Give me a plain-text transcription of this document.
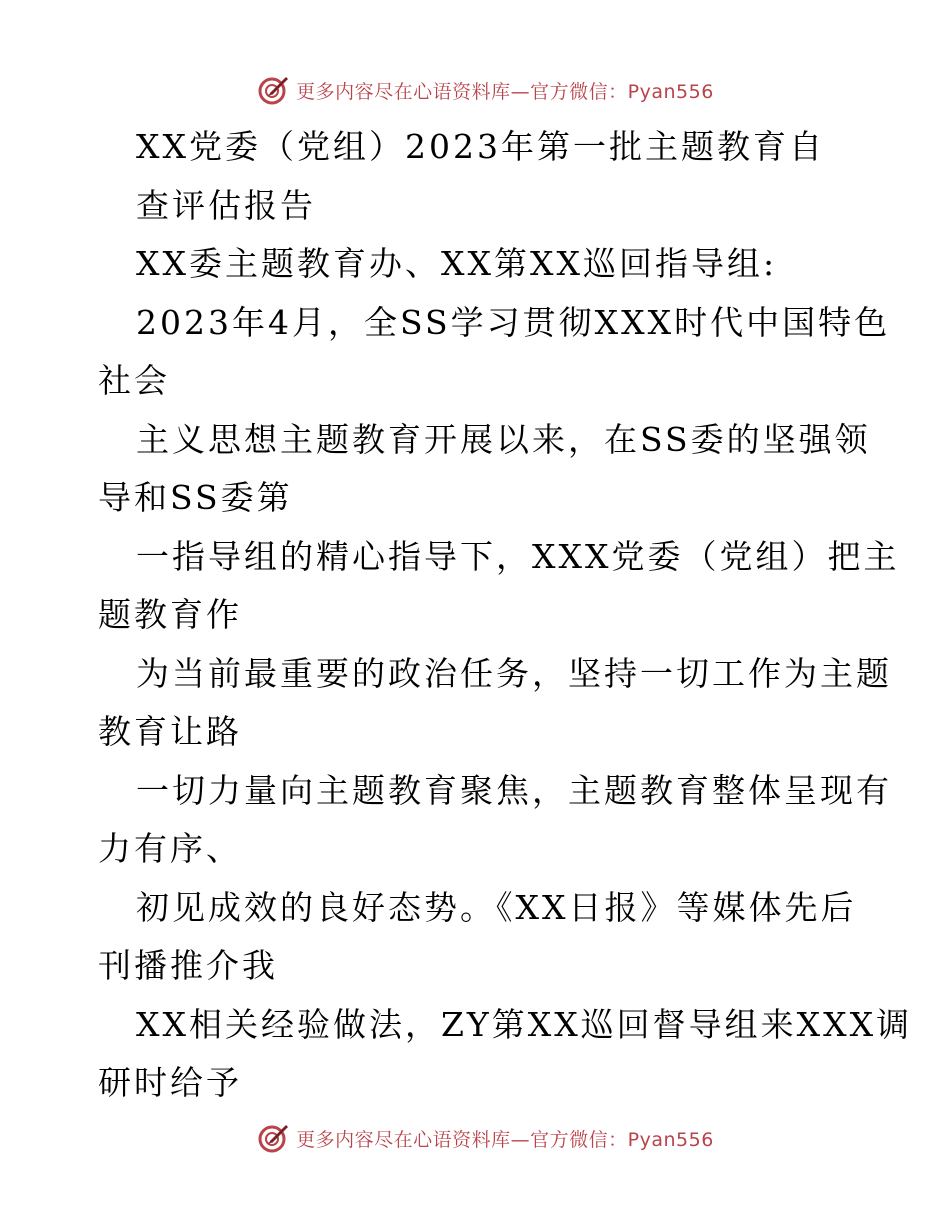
更多内容尽在心语资料库—官方微信：Pyan556
XX党委（党组）2023年第一批主题教育自
查评估报告
XX委主题教育办、XX第XX巡回指导组:
2023年4月，全SS学习贯彻XXX时代中国特色
社会
主义思想主题教育开展以来，在SS委的坚强领
导和SS委第
一指导组的精心指导下，XXX党委（党组）把主
题教育作
为当前最重要的政治任务，坚持一切工作为主题
教育让路
一切力量向主题教育聚焦，主题教育整体呈现有
力有序、
初见成效的良好态势。《XX日报》等媒体先后
刊播推介我
XX相关经验做法，ZY第XX巡回督导组来XXX调
研时给予
更多内容尽在心语资料库—官方微信：Pyan556
